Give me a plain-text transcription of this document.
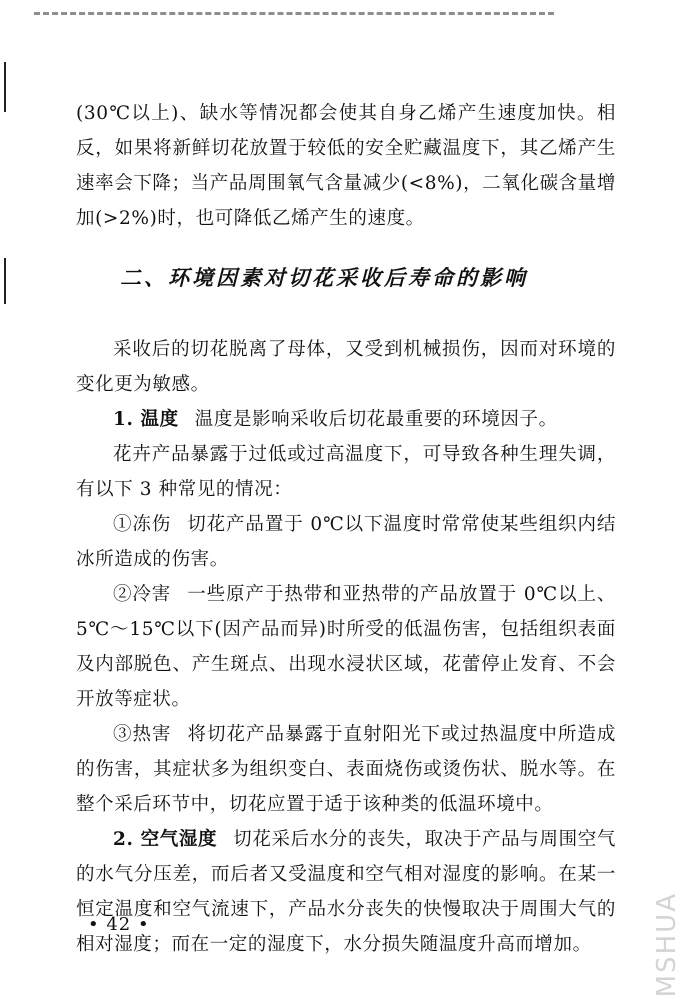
(30℃以上)、缺水等情况都会使其自身乙烯产生速度加快。相反，如果将新鲜切花放置于较低的安全贮藏温度下，其乙烯产生速率会下降；当产品周围氧气含量减少(<8%)，二氧化碳含量增加(>2%)时，也可降低乙烯产生的速度。

二、环境因素对切花采收后寿命的影响

采收后的切花脱离了母体，又受到机械损伤，因而对环境的变化更为敏感。

1. 温度 温度是影响采收后切花最重要的环境因子。

花卉产品暴露于过低或过高温度下，可导致各种生理失调，有以下 3 种常见的情况：

①冻伤 切花产品置于 0℃以下温度时常常使某些组织内结冰所造成的伤害。

②冷害 一些原产于热带和亚热带的产品放置于 0℃以上、5℃～15℃以下(因产品而异)时所受的低温伤害，包括组织表面及内部脱色、产生斑点、出现水浸状区域，花蕾停止发育、不会开放等症状。

③热害 将切花产品暴露于直射阳光下或过热温度中所造成的伤害，其症状多为组织变白、表面烧伤或烫伤状、脱水等。在整个采后环节中，切花应置于适于该种类的低温环境中。

2. 空气湿度 切花采后水分的丧失，取决于产品与周围空气的水气分压差，而后者又受温度和空气相对湿度的影响。在某一恒定温度和空气流速下，产品水分丧失的快慢取决于周围大气的相对湿度；而在一定的湿度下，水分损失随温度升高而增加。

• 42 •	MSHUA
